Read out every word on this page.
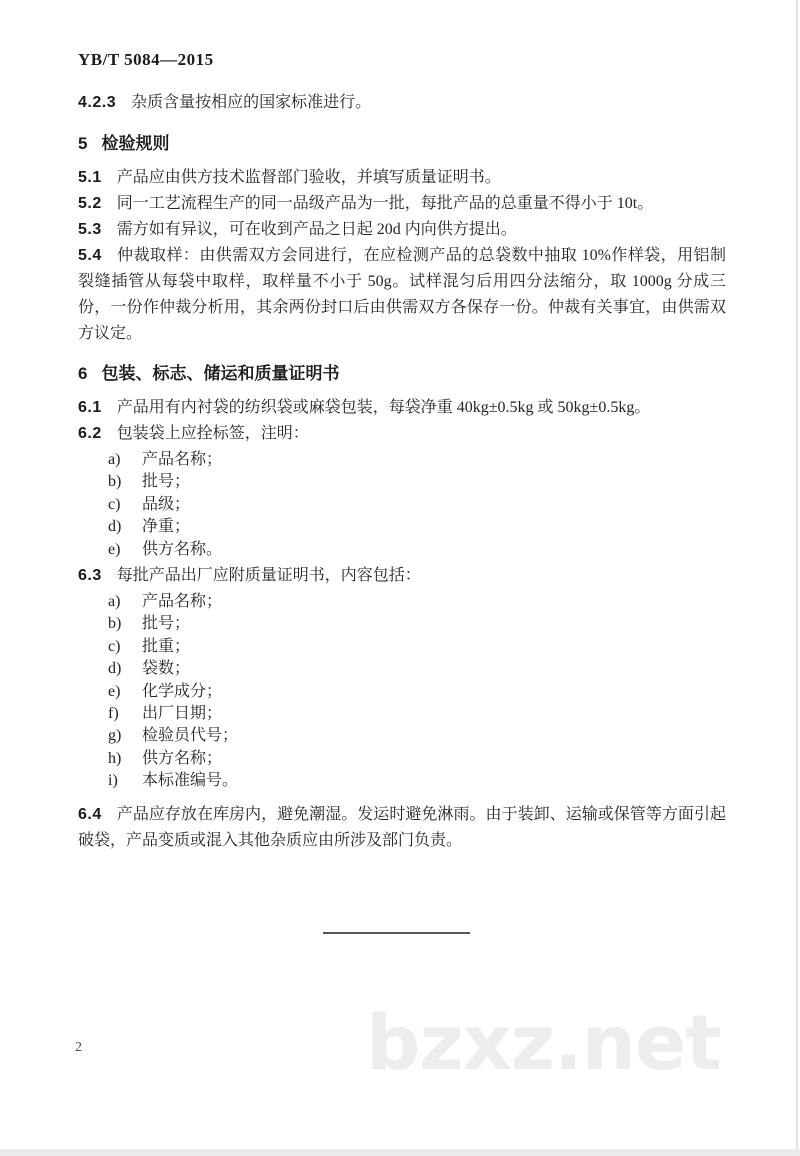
YB/T 5084—2015

4.2.3 杂质含量按相应的国家标准进行。

5 检验规则

5.1 产品应由供方技术监督部门验收，并填写质量证明书。

5.2 同一工艺流程生产的同一品级产品为一批，每批产品的总重量不得小于 10t。

5.3 需方如有异议，可在收到产品之日起 20d 内向供方提出。

5.4 仲裁取样：由供需双方会同进行，在应检测产品的总袋数中抽取 10%作样袋，用铝制裂缝插管从每袋中取样，取样量不小于 50g。试样混匀后用四分法缩分，取 1000g 分成三份，一份作仲裁分析用，其余两份封口后由供需双方各保存一份。仲裁有关事宜，由供需双方议定。

6 包装、标志、储运和质量证明书

6.1 产品用有内衬袋的纺织袋或麻袋包装，每袋净重 40kg±0.5kg 或 50kg±0.5kg。

6.2 包装袋上应拴标签，注明：

a) 产品名称；
b) 批号；
c) 品级；
d) 净重；
e) 供方名称。

6.3 每批产品出厂应附质量证明书，内容包括：

a) 产品名称；
b) 批号；
c) 批重；
d) 袋数；
e) 化学成分；
f) 出厂日期；
g) 检验员代号；
h) 供方名称；
i) 本标准编号。

6.4 产品应存放在库房内，避免潮湿。发运时避免淋雨。由于装卸、运输或保管等方面引起破袋，产品变质或混入其他杂质应由所涉及部门负责。

2	bzxz.net
